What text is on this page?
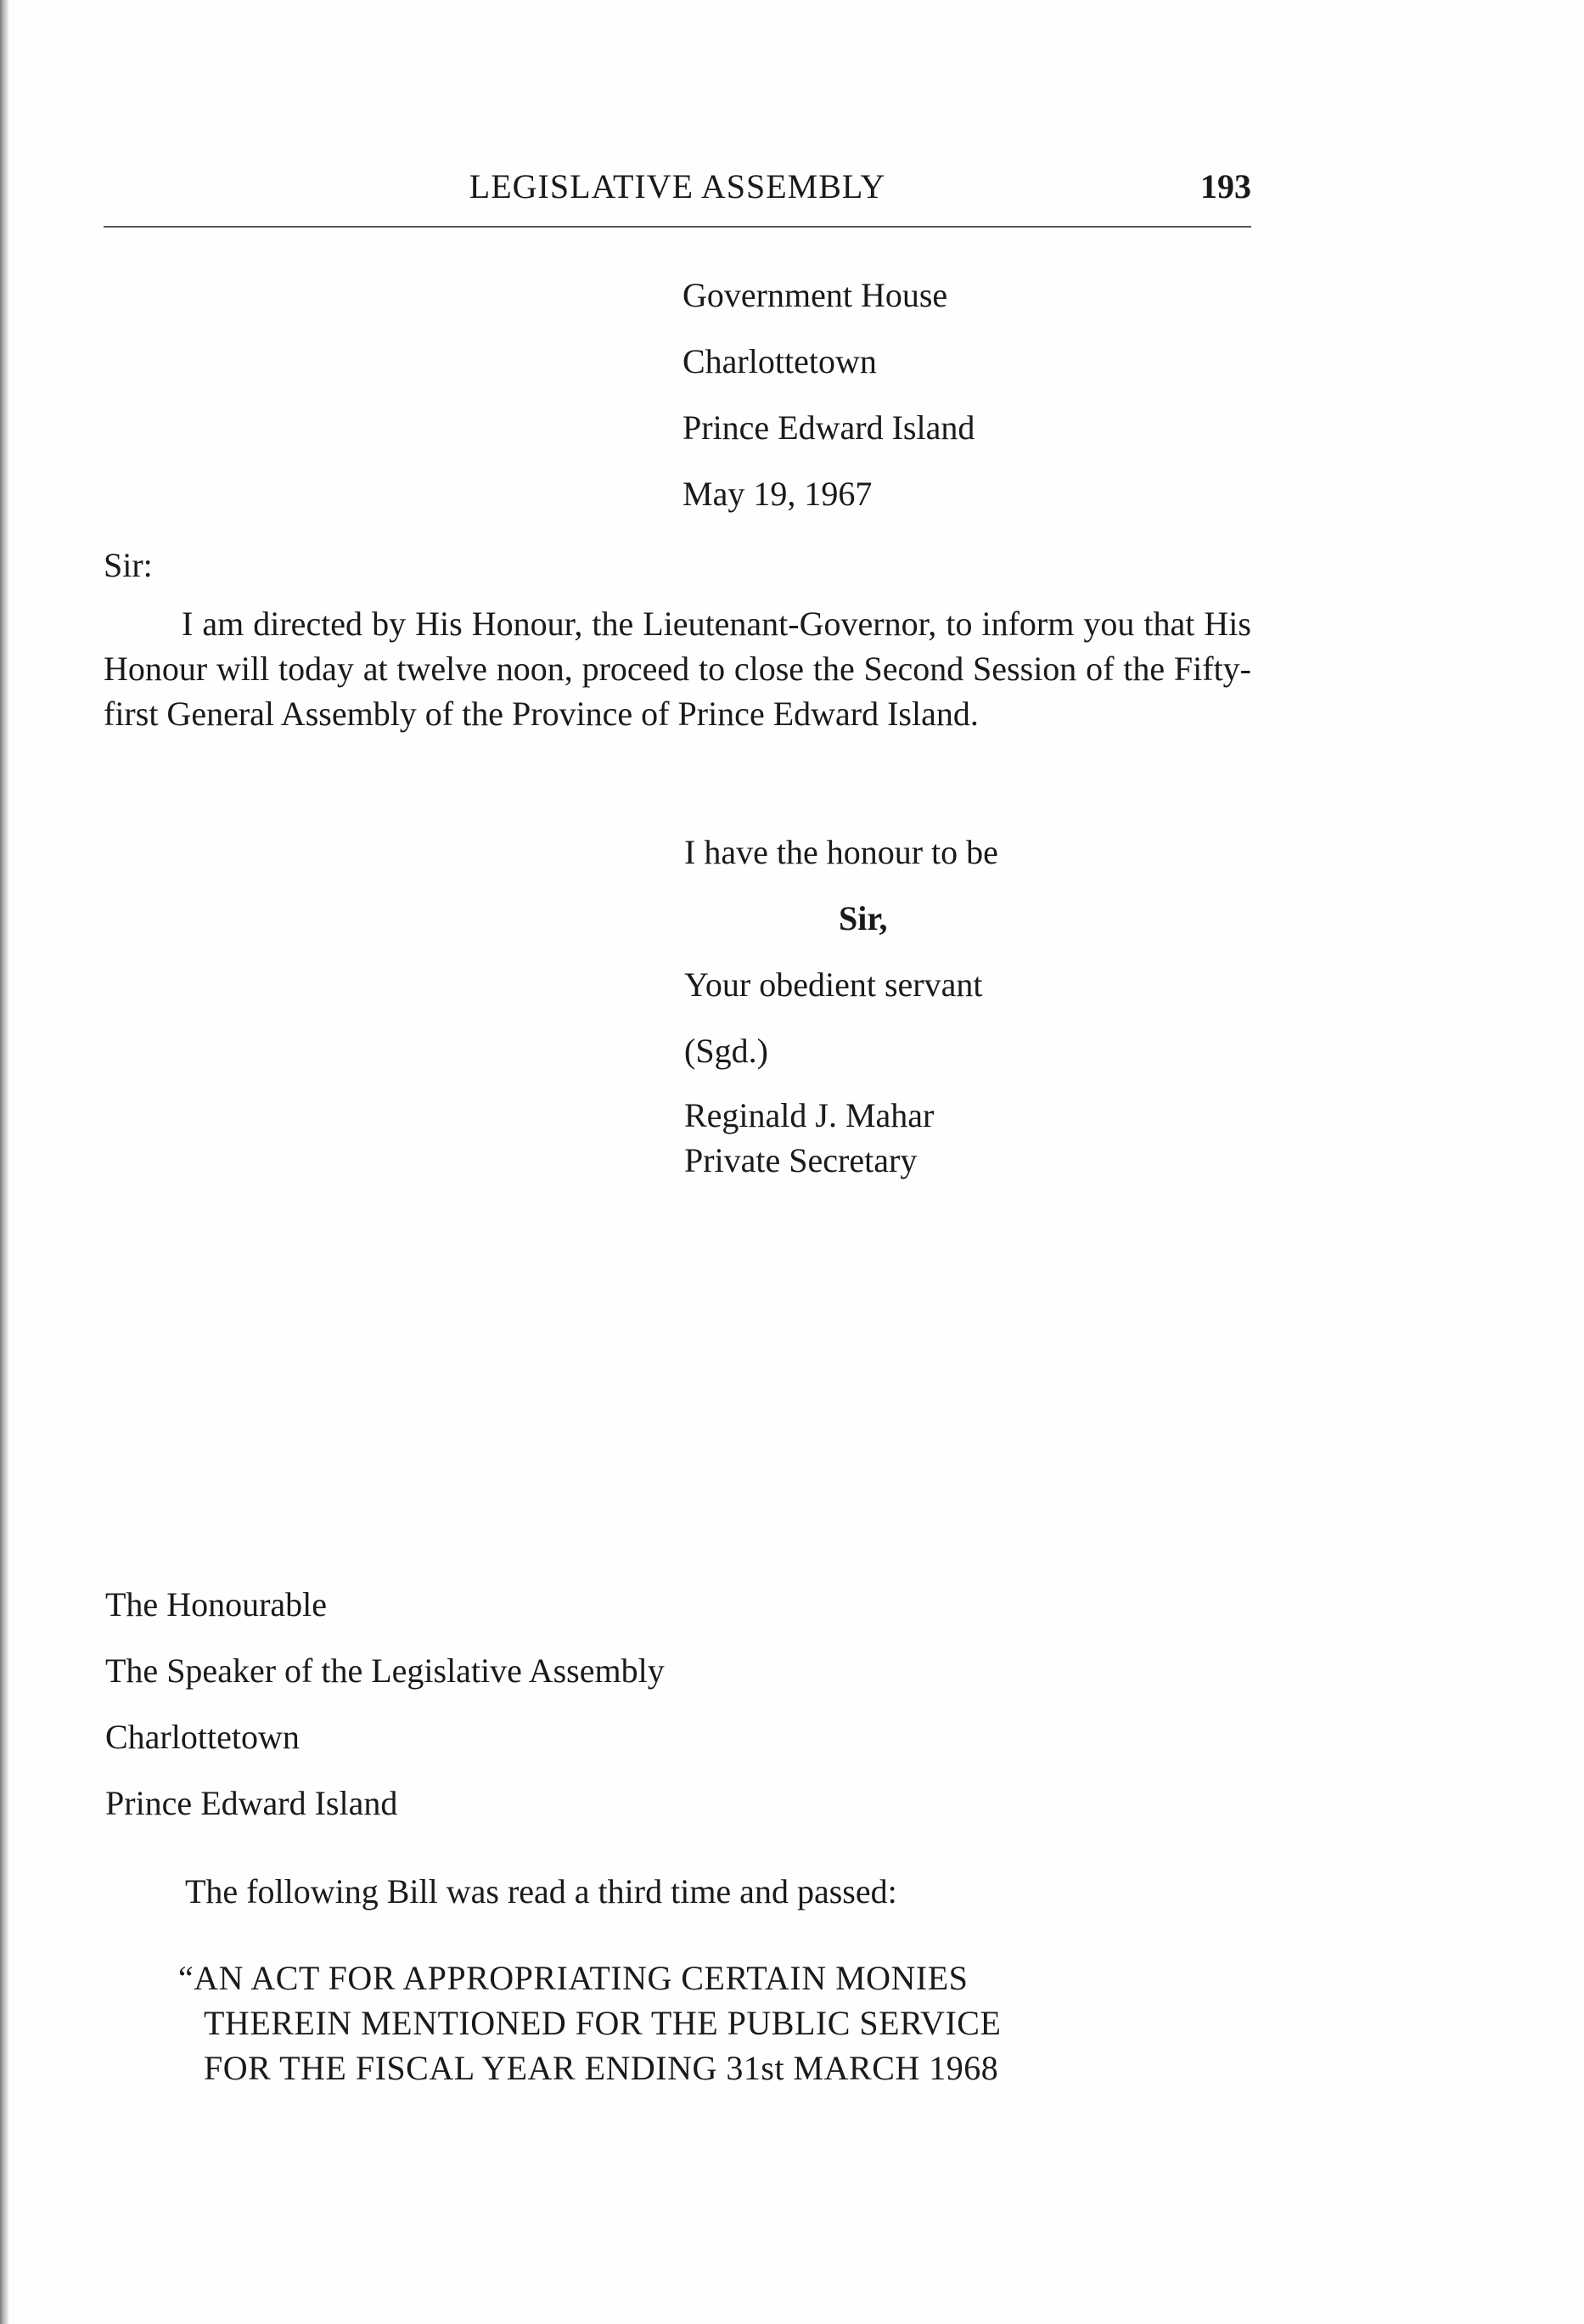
LEGISLATIVE ASSEMBLY	193
Government House
Charlottetown
Prince Edward Island
May 19, 1967
Sir:
I am directed by His Honour, the Lieutenant-Governor, to inform you that His Honour will today at twelve noon, proceed to close the Second Session of the Fifty-first General Assembly of the Province of Prince Edward Island.
I have the honour to be
Sir,
Your obedient servant
(Sgd.)
Reginald J. Mahar
Private Secretary
The Honourable
The Speaker of the Legislative Assembly
Charlottetown
Prince Edward Island
The following Bill was read a third time and passed:
“AN ACT FOR APPROPRIATING CERTAIN MONIES
THEREIN MENTIONED FOR THE PUBLIC SERVICE
FOR THE FISCAL YEAR ENDING 31st MARCH 1968
